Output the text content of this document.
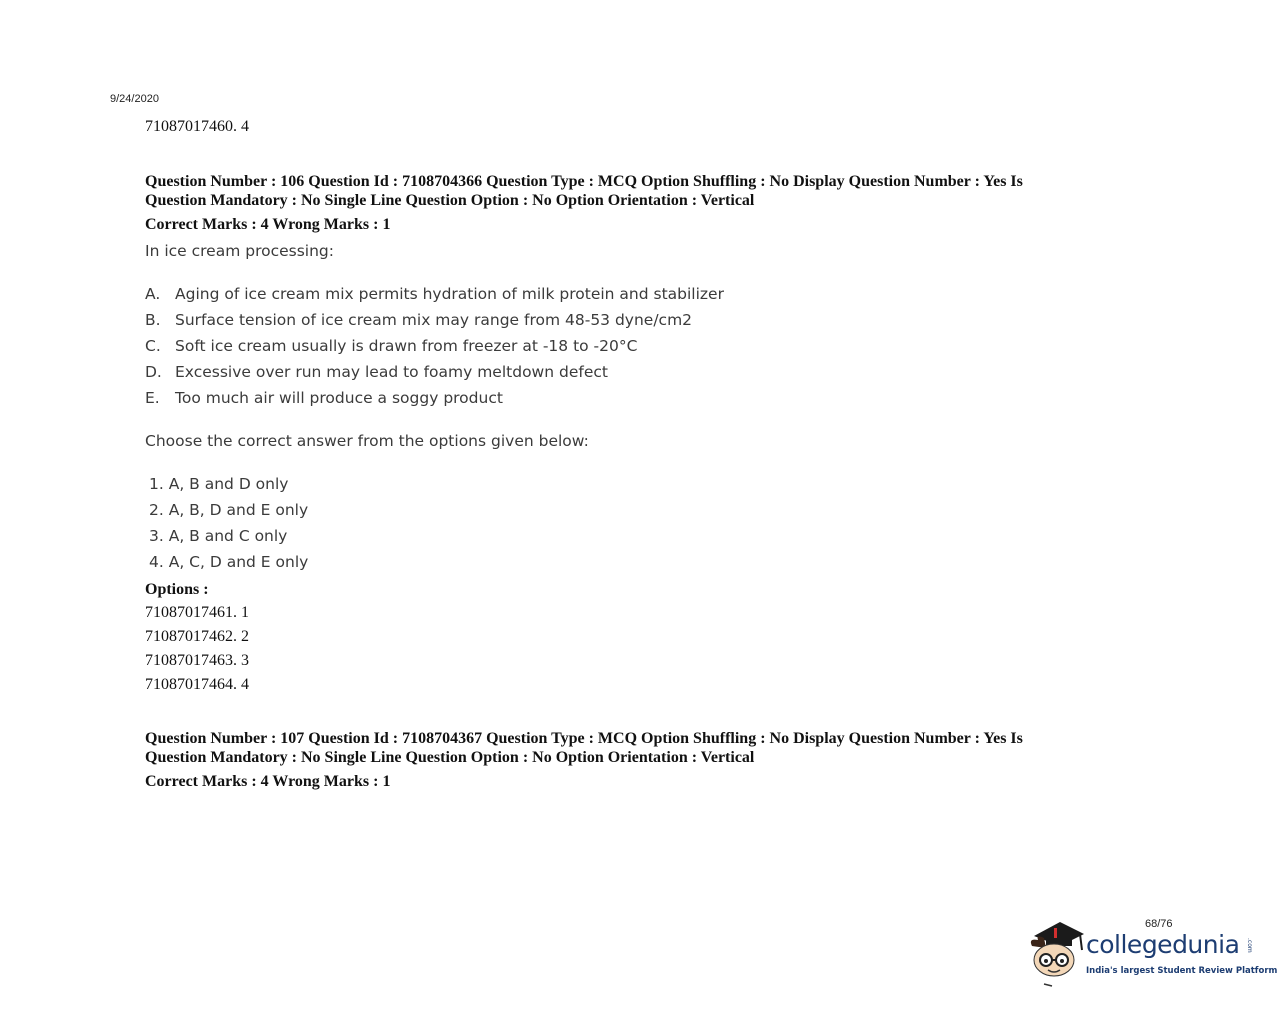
9/24/2020
71087017460. 4
Question Number : 106 Question Id : 7108704366 Question Type : MCQ Option Shuffling : No Display Question Number : Yes Is
Question Mandatory : No Single Line Question Option : No Option Orientation : Vertical
Correct Marks : 4 Wrong Marks : 1
In ice cream processing:
A. Aging of ice cream mix permits hydration of milk protein and stabilizer
B. Surface tension of ice cream mix may range from 48-53 dyne/cm2
C. Soft ice cream usually is drawn from freezer at -18 to -20°C
D. Excessive over run may lead to foamy meltdown defect
E. Too much air will produce a soggy product
Choose the correct answer from the options given below:
1. A, B and D only
2. A, B, D and E only
3. A, B and C only
4. A, C, D and E only
Options :
71087017461. 1
71087017462. 2
71087017463. 3
71087017464. 4
Question Number : 107 Question Id : 7108704367 Question Type : MCQ Option Shuffling : No Display Question Number : Yes Is
Question Mandatory : No Single Line Question Option : No Option Orientation : Vertical
Correct Marks : 4 Wrong Marks : 1
68/76
collegedunia .com
India's largest Student Review Platform
